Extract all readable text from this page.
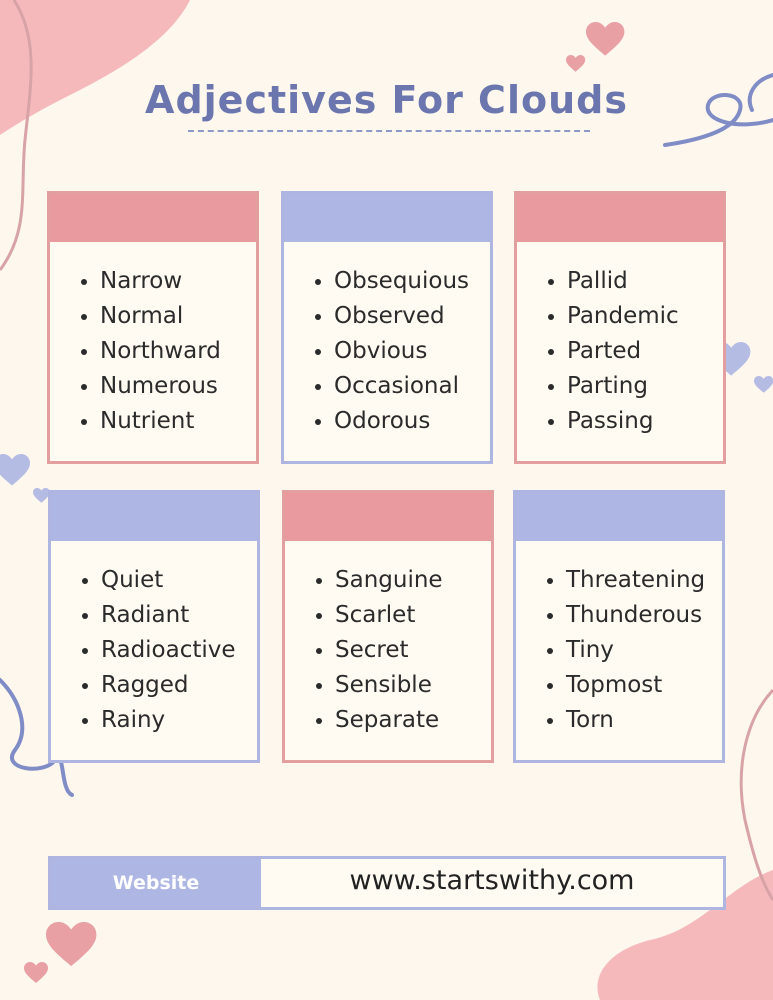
Adjectives For Clouds
• Narrow
• Normal
• Northward
• Numerous
• Nutrient
• Obsequious
• Observed
• Obvious
• Occasional
• Odorous
• Pallid
• Pandemic
• Parted
• Parting
• Passing
• Quiet
• Radiant
• Radioactive
• Ragged
• Rainy
• Sanguine
• Scarlet
• Secret
• Sensible
• Separate
• Threatening
• Thunderous
• Tiny
• Topmost
• Torn
Website	www.startswithy.com
